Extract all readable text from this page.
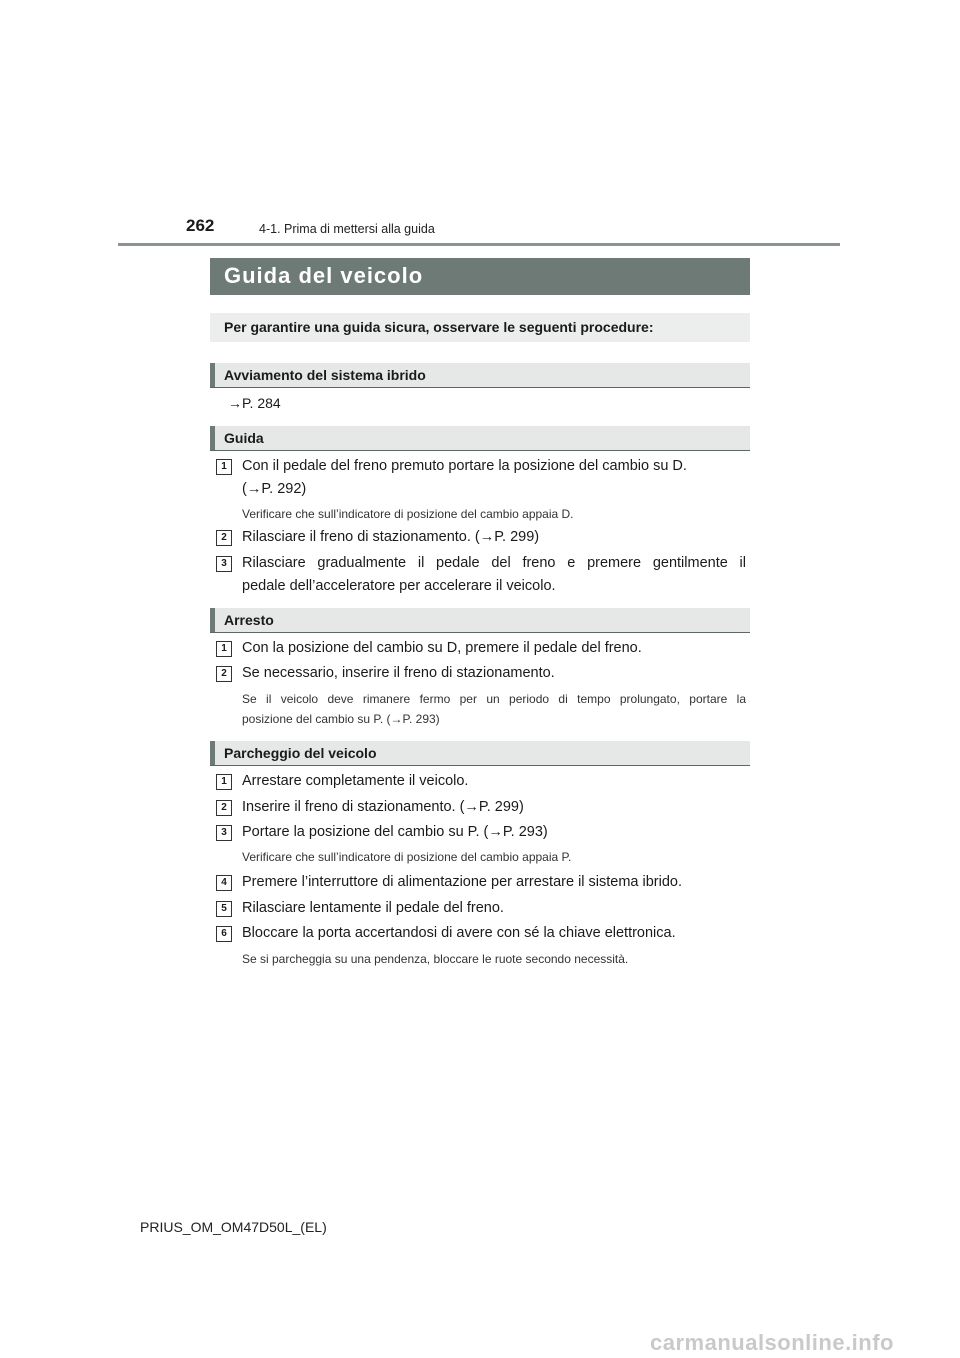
262	4-1. Prima di mettersi alla guida
Guida del veicolo
Per garantire una guida sicura, osservare le seguenti procedure:
Avviamento del sistema ibrido
→P. 284
Guida
1	Con il pedale del freno premuto portare la posizione del cambio su D.
(→P. 292)
Verificare che sull’indicatore di posizione del cambio appaia D.
2	Rilasciare il freno di stazionamento. (→P. 299)
3	Rilasciare gradualmente il pedale del freno e premere gentilmente il
pedale dell’acceleratore per accelerare il veicolo.
Arresto
1	Con la posizione del cambio su D, premere il pedale del freno.
2	Se necessario, inserire il freno di stazionamento.
Se il veicolo deve rimanere fermo per un periodo di tempo prolungato, portare la
posizione del cambio su P. (→P. 293)
Parcheggio del veicolo
1	Arrestare completamente il veicolo.
2	Inserire il freno di stazionamento. (→P. 299)
3	Portare la posizione del cambio su P. (→P. 293)
Verificare che sull’indicatore di posizione del cambio appaia P.
4	Premere l’interruttore di alimentazione per arrestare il sistema ibrido.
5	Rilasciare lentamente il pedale del freno.
6	Bloccare la porta accertandosi di avere con sé la chiave elettronica.
Se si parcheggia su una pendenza, bloccare le ruote secondo necessità.
PRIUS_OM_OM47D50L_(EL)
carmanualsonline.info
